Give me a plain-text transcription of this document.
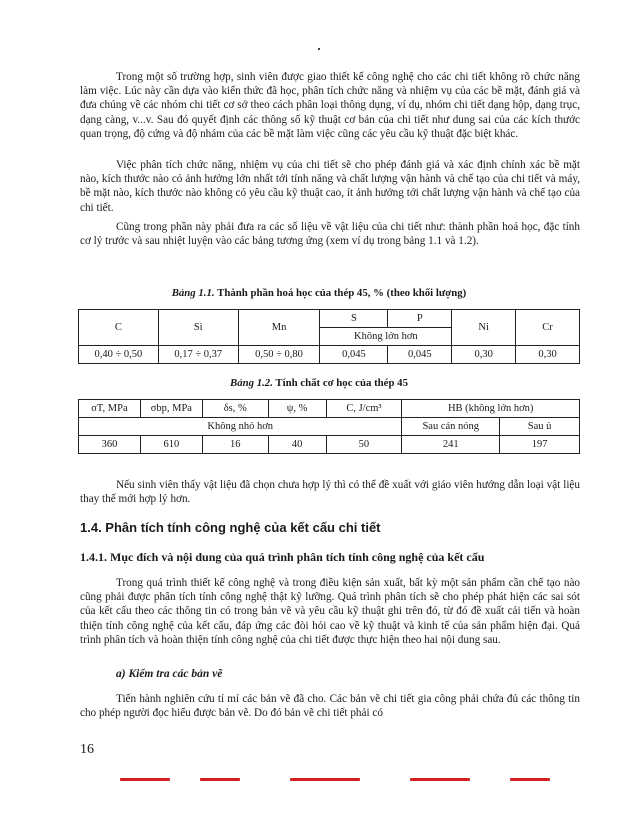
Trong một số trường hợp, sinh viên được giao thiết kế công nghệ cho các chi tiết không rõ chức năng làm việc. Lúc này cần dựa vào kiến thức đã học, phân tích chức năng và nhiệm vụ của các bề mặt, đánh giá và đưa chúng về các nhóm chi tiết cơ sở theo cách phân loại thông dụng, ví dụ, nhóm chi tiết dạng hộp, dạng trục, dạng càng, v...v. Sau đó quyết định các thông số kỹ thuật cơ bản của chi tiết như dung sai của các kích thước quan trọng, độ cứng và độ nhám của các bề mặt làm việc cũng các yêu cầu kỹ thuật đặc biệt khác.

Việc phân tích chức năng, nhiệm vụ của chi tiết sẽ cho phép đánh giá và xác định chính xác bề mặt nào, kích thước nào có ảnh hưởng lớn nhất tới tính năng và chất lượng vận hành và chế tạo của chi tiết và máy, bề mặt nào, kích thước nào không có yêu cầu kỹ thuật cao, ít ảnh hưởng tới chất lượng vận hành và chế tạo của chi tiết.

Cũng trong phần này phải đưa ra các số liệu về vật liệu của chi tiết như: thành phần hoá học, đặc tính cơ lý trước và sau nhiệt luyện vào các bảng tương ứng (xem ví dụ trong bảng 1.1 và 1.2).

Bảng 1.1. Thành phần hoá học của thép 45, % (theo khối lượng)
C	Si	Mn	S	P	Ni	Cr
			Không lớn hơn			
0,40 ÷ 0,50	0,17 ÷ 0,37	0,50 ÷ 0,80	0,045	0,045	0,30	0,30
Bảng 1.2. Tính chất cơ học của thép 45
σT, MPa	σbp, MPa	δs, %	ψ, %	C, J/cm³	HB (không lớn hơn)	
Không nhỏ hơn					Sau cán nóng	Sau ủ
360	610	16	40	50	241	197

Nếu sinh viên thấy vật liệu đã chọn chưa hợp lý thì có thể đề xuất với giáo viên hướng dẫn loại vật liệu thay thế mới hợp lý hơn.

1.4. Phân tích tính công nghệ của kết cấu chi tiết
1.4.1. Mục đích và nội dung của quá trình phân tích tính công nghệ của kết cấu

Trong quá trình thiết kế công nghệ và trong điều kiện sản xuất, bất kỳ một sản phẩm cần chế tạo nào cũng phải được phân tích tính công nghệ thật kỹ lưỡng. Quá trình phân tích sẽ cho phép phát hiện các sai sót của kết cấu theo các thông tin có trong bản vẽ và yêu cầu kỹ thuật ghi trên đó, từ đó đề xuất cải tiến và hoàn thiện tính công nghệ của kết cấu, đáp ứng các đòi hỏi cao về kỹ thuật và kinh tế của sản phẩm hiện đại. Quá trình phân tích và hoàn thiện tính công nghệ của chi tiết được thực hiện theo hai nội dung sau.

a) Kiểm tra các bản vẽ

Tiến hành nghiên cứu tỉ mỉ các bản vẽ đã cho. Các bản vẽ chi tiết gia công phải chứa đủ các thông tin cho phép người đọc hiểu được bản vẽ. Do đó bản vẽ chi tiết phải có

16
